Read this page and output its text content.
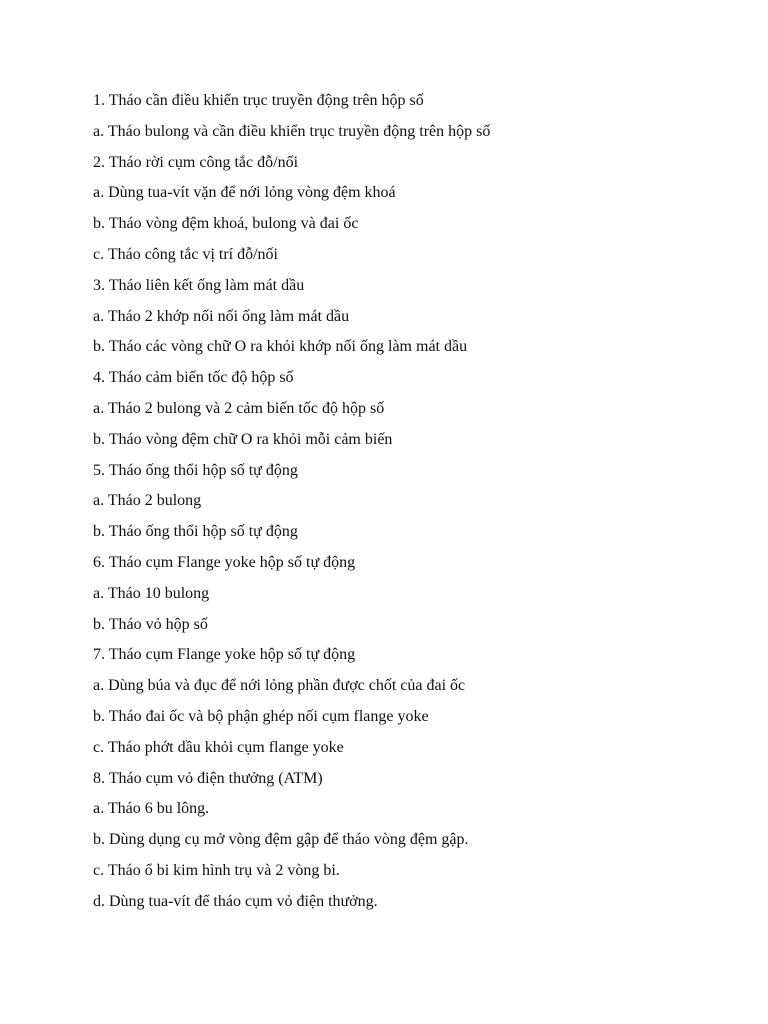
1. Tháo cần điều khiển trục truyền động trên hộp số
a. Tháo bulong và cần điều khiển trục truyền động trên hộp số
2. Tháo rời cụm công tắc đỗ/nối
a. Dùng tua-vít vặn để nới lỏng vòng đệm khoá
b. Tháo vòng đệm khoá, bulong và đai ốc
c. Tháo công tắc vị trí đỗ/nối
3. Tháo liên kết ống làm mát dầu
a. Tháo 2 khớp nối nối ống làm mát dầu
b. Tháo các vòng chữ O ra khỏi khớp nối ống làm mát dầu
4. Tháo cảm biến tốc độ hộp số
a. Tháo 2 bulong và 2 cảm biến tốc độ hộp số
b. Tháo vòng đệm chữ O ra khỏi mỗi cảm biến
5. Tháo ống thổi hộp số tự động
a. Tháo 2 bulong
b. Tháo ống thổi hộp số tự động
6. Tháo cụm Flange yoke hộp số tự động
a. Tháo 10 bulong
b. Tháo vỏ hộp số
7. Tháo cụm Flange yoke hộp số tự động
a. Dùng búa và đục để nới lỏng phần được chốt của đai ốc
b. Tháo đai ốc và bộ phận ghép nối cụm flange yoke
c. Tháo phớt dầu khỏi cụm flange yoke
8. Tháo cụm vỏ điện thưởng (ATM)
a. Tháo 6 bu lông.
b. Dùng dụng cụ mở vòng đệm gập để tháo vòng đệm gập.
c. Tháo ổ bi kim hình trụ và 2 vòng bi.
d. Dùng tua-vít để tháo cụm vỏ điện thưởng.
